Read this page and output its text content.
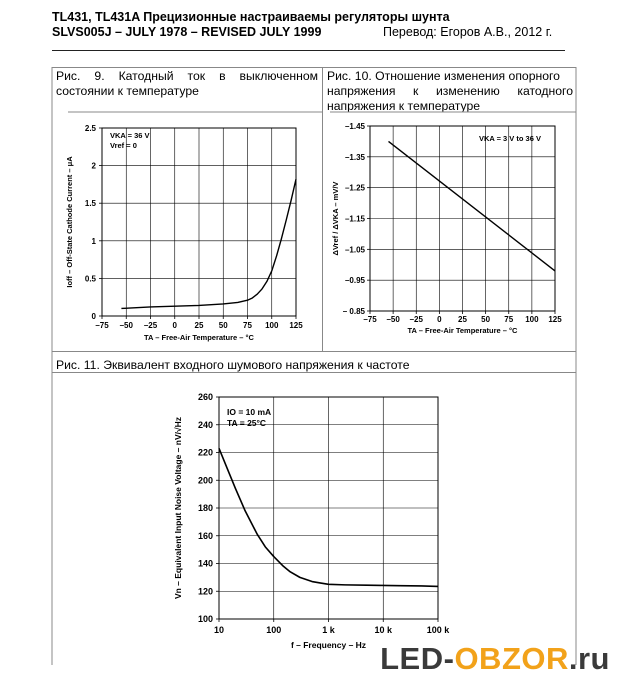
TL431, TL431A Прецизионные настраиваемы регуляторы шунта
SLVS005J – JULY 1978 – REVISED JULY 1999	Перевод: Егоров А.В., 2012 г.
Рис. 9. Катодный ток в выключенном
состоянии к температуре
Рис. 10. Отношение изменения опорного
напряжения к изменению катодного
напряжения к температуре
Рис. 11. Эквивалент входного шумового напряжения к частоте
–75 –50 –25 0 25 50 75 100 125
0
0.5
1
1.5
2
2.5
VKA = 36 V
Vref = 0
TA – Free-Air Temperature – °C
Ioff – Off-State Cathode Current – μA
–75 –50 –25 0 25 50 75 100 125
– 0.85
–0.95
–1.05
–1.15
–1.25
–1.35
–1.45
VKA = 3 V to 36 V
TA – Free-Air Temperature – °C
ΔVref / ΔVKA – mV/V
10	100	1 k	10 k	100 k
100
120
140
160
180
200
220
240
260
IO = 10 mA
TA = 25°C
f – Frequency – Hz
Vn – Equivalent Input Noise Voltage – nV/√Hz
LED-OBZOR.ru
